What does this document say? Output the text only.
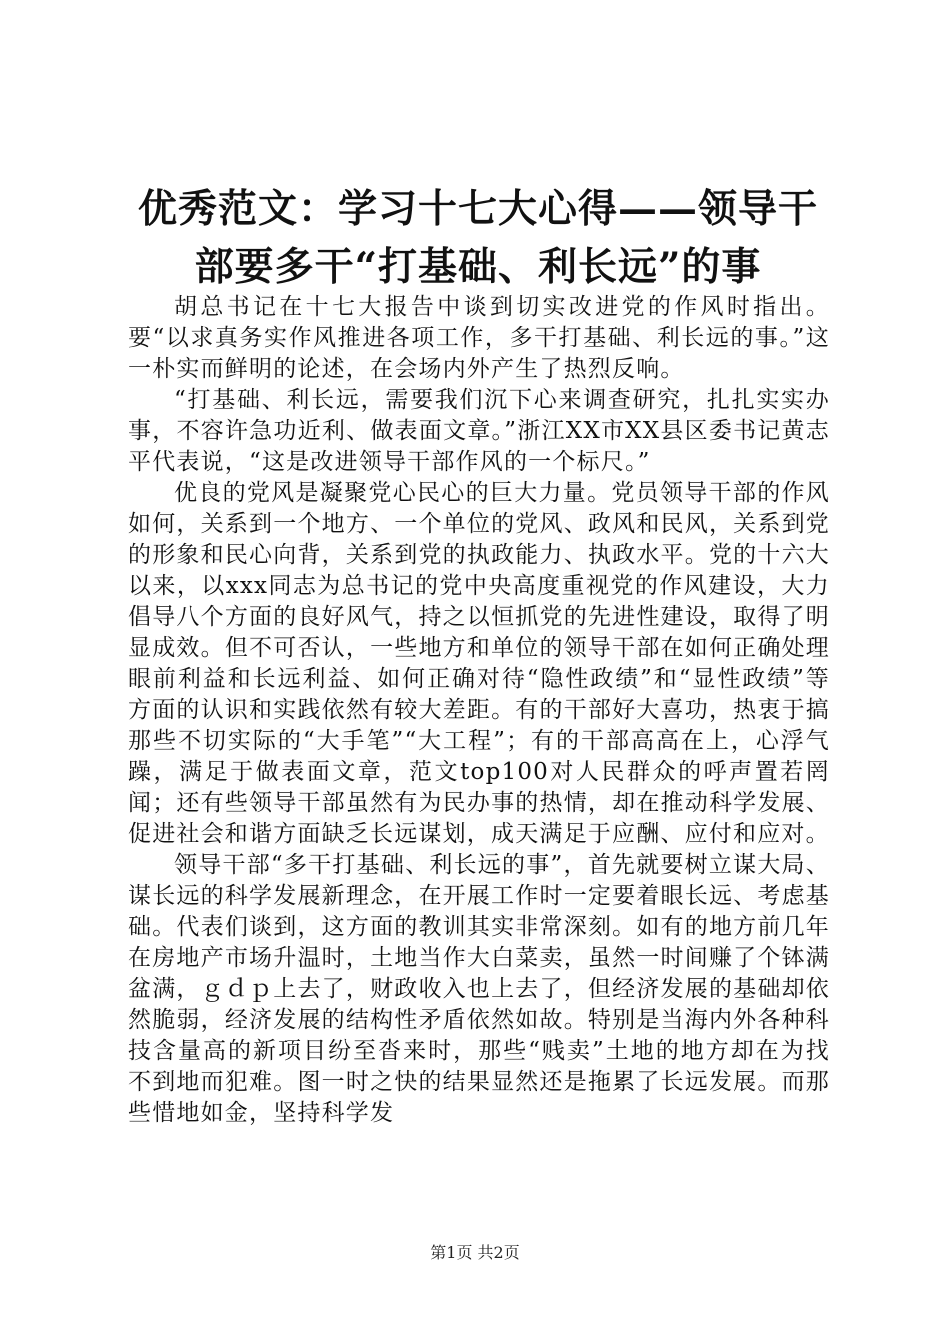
优秀范文：学习十七大心得——领导干部要多干“打基础、利长远”的事

胡总书记在十七大报告中谈到切实改进党的作风时指出。要“以求真务实作风推进各项工作，多干打基础、利长远的事。”这一朴实而鲜明的论述，在会场内外产生了热烈反响。

“打基础、利长远，需要我们沉下心来调查研究，扎扎实实办事，不容许急功近利、做表面文章。”浙江XX市XX县区委书记黄志平代表说，“这是改进领导干部作风的一个标尺。”

优良的党风是凝聚党心民心的巨大力量。党员领导干部的作风如何，关系到一个地方、一个单位的党风、政风和民风，关系到党的形象和民心向背，关系到党的执政能力、执政水平。党的十六大以来，以xxx同志为总书记的党中央高度重视党的作风建设，大力倡导八个方面的良好风气，持之以恒抓党的先进性建设，取得了明显成效。但不可否认，一些地方和单位的领导干部在如何正确处理眼前利益和长远利益、如何正确对待“隐性政绩”和“显性政绩”等方面的认识和实践依然有较大差距。有的干部好大喜功，热衷于搞那些不切实际的“大手笔”“大工程”；有的干部高高在上，心浮气躁，满足于做表面文章，范文top100对人民群众的呼声置若罔闻；还有些领导干部虽然有为民办事的热情，却在推动科学发展、促进社会和谐方面缺乏长远谋划，成天满足于应酬、应付和应对。

领导干部“多干打基础、利长远的事”，首先就要树立谋大局、谋长远的科学发展新理念，在开展工作时一定要着眼长远、考虑基础。代表们谈到，这方面的教训其实非常深刻。如有的地方前几年在房地产市场升温时，土地当作大白菜卖，虽然一时间赚了个钵满盆满，ｇｄｐ上去了，财政收入也上去了，但经济发展的基础却依然脆弱，经济发展的结构性矛盾依然如故。特别是当海内外各种科技含量高的新项目纷至沓来时，那些“贱卖”土地的地方却在为找不到地而犯难。图一时之快的结果显然还是拖累了长远发展。而那些惜地如金，坚持科学发

第1页 共2页
